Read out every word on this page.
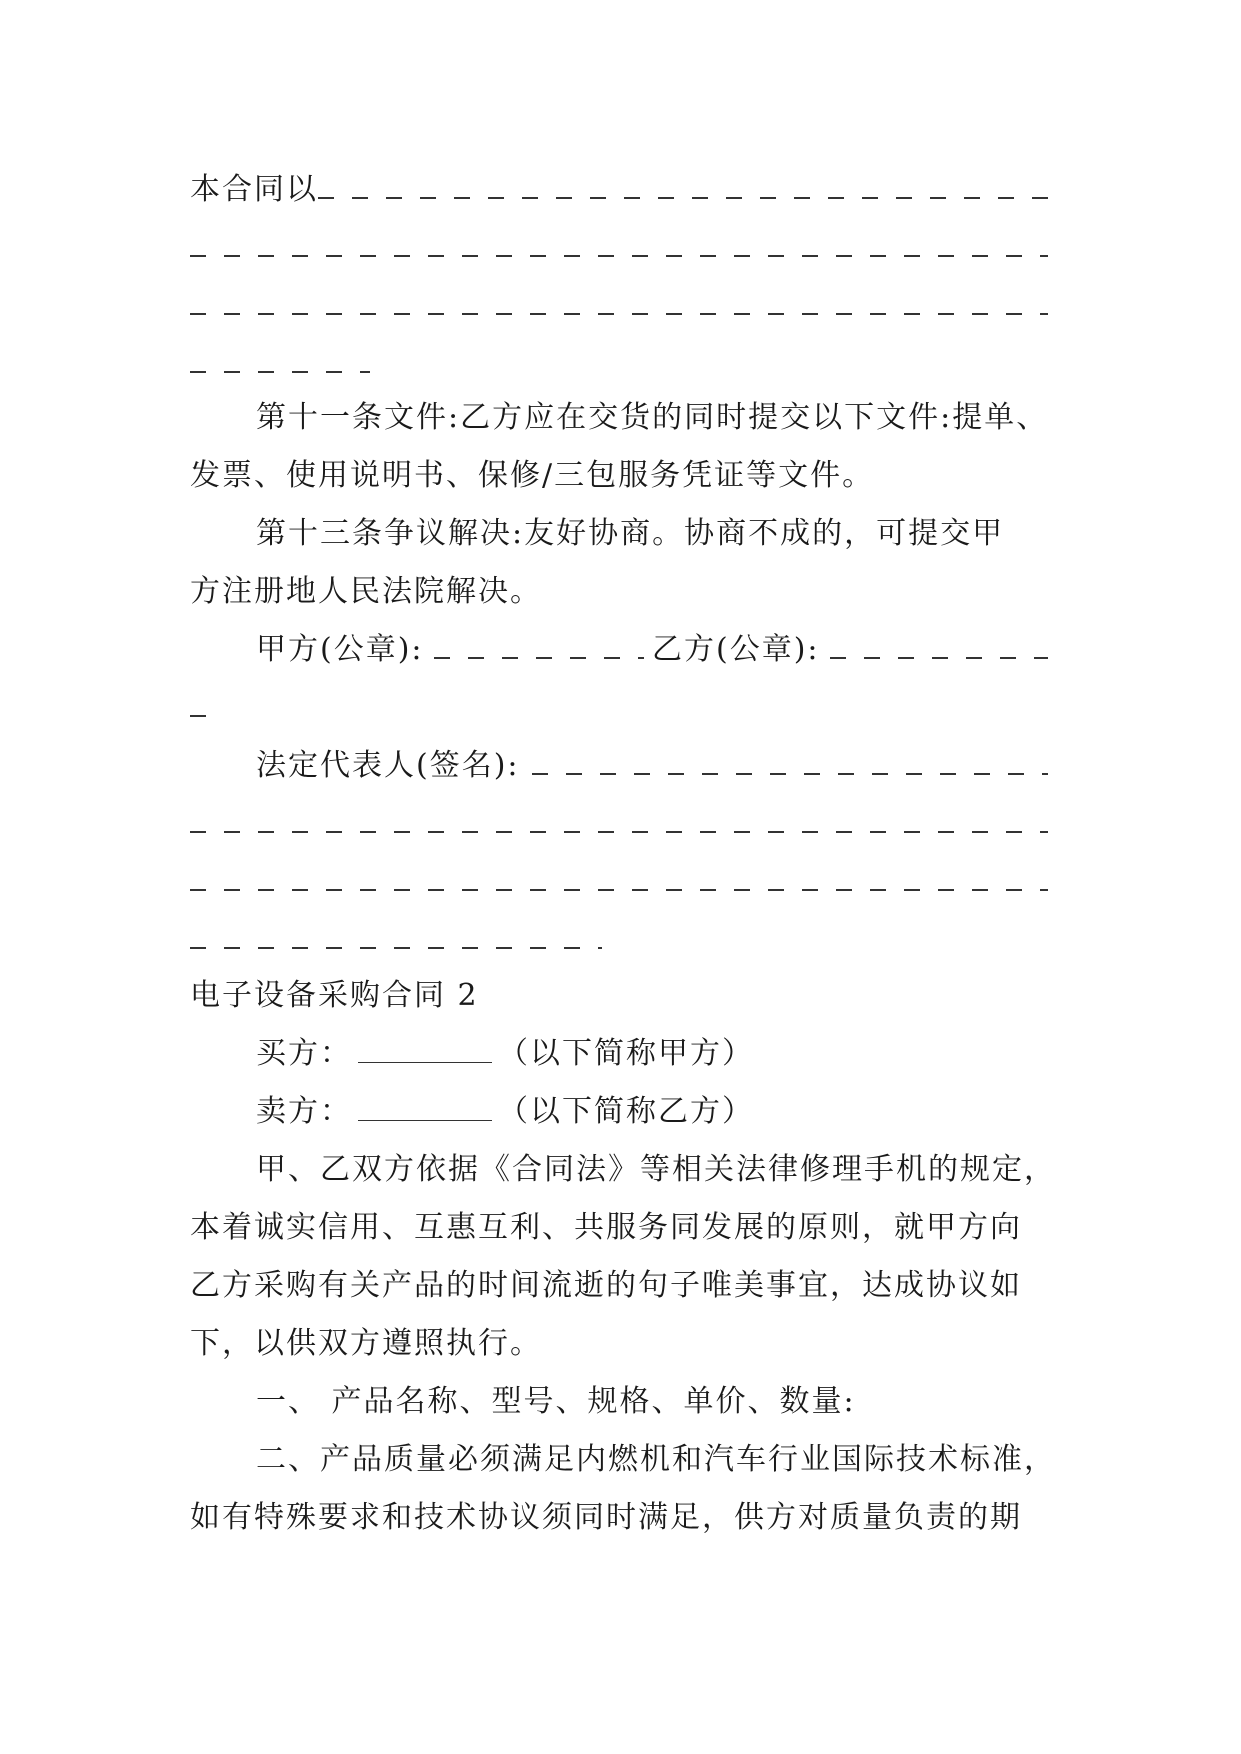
本合同以
第十一条文件:乙方应在交货的同时提交以下文件:提单、
发票、使用说明书、保修/三包服务凭证等文件。
第十三条争议解决:友好协商。协商不成的，可提交甲
方注册地人民法院解决。
甲方(公章):	乙方(公章):
法定代表人(签名):
电子设备采购合同 2
买方：	（以下简称甲方）
卖方：	（以下简称乙方）
甲、乙双方依据《合同法》等相关法律修理手机的规定，
本着诚实信用、互惠互利、共服务同发展的原则，就甲方向
乙方采购有关产品的时间流逝的句子唯美事宜，达成协议如
下，以供双方遵照执行。
一、 产品名称、型号、规格、单价、数量:
二、产品质量必须满足内燃机和汽车行业国际技术标准，
如有特殊要求和技术协议须同时满足，供方对质量负责的期
